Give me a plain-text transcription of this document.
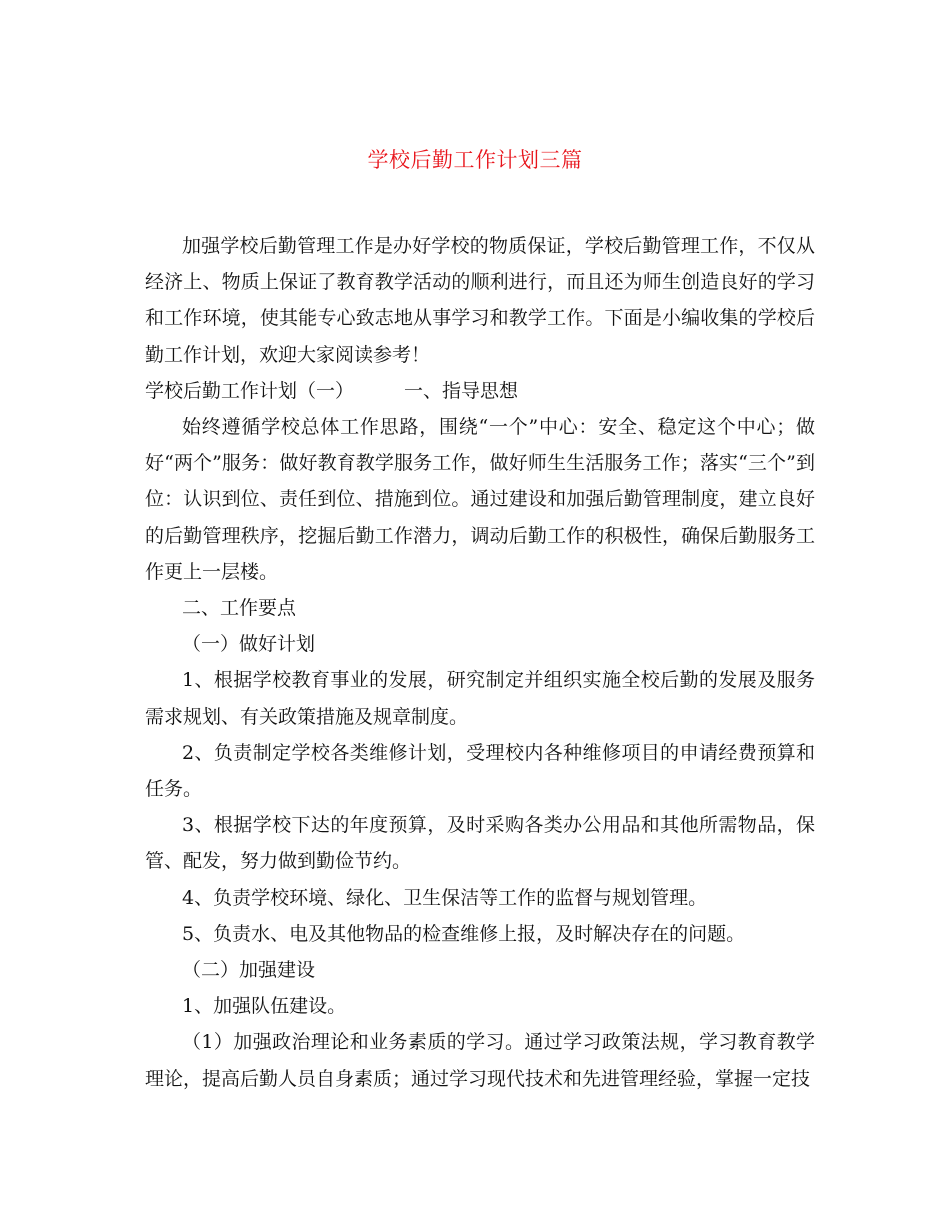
学校后勤工作计划三篇

加强学校后勤管理工作是办好学校的物质保证，学校后勤管理工作，不仅从经济上、物质上保证了教育教学活动的顺利进行，而且还为师生创造良好的学习和工作环境，使其能专心致志地从事学习和教学工作。下面是小编收集的学校后勤工作计划，欢迎大家阅读参考！

学校后勤工作计划（一）	一、指导思想

始终遵循学校总体工作思路，围绕“一个”中心：安全、稳定这个中心；做好“两个”服务：做好教育教学服务工作，做好师生生活服务工作；落实“三个”到位：认识到位、责任到位、措施到位。通过建设和加强后勤管理制度，建立良好的后勤管理秩序，挖掘后勤工作潜力，调动后勤工作的积极性，确保后勤服务工作更上一层楼。

二、工作要点

（一）做好计划

1、根据学校教育事业的发展，研究制定并组织实施全校后勤的发展及服务需求规划、有关政策措施及规章制度。

2、负责制定学校各类维修计划，受理校内各种维修项目的申请经费预算和任务。

3、根据学校下达的年度预算，及时采购各类办公用品和其他所需物品，保管、配发，努力做到勤俭节约。

4、负责学校环境、绿化、卫生保洁等工作的监督与规划管理。

5、负责水、电及其他物品的检查维修上报，及时解决存在的问题。

（二）加强建设

1、加强队伍建设。

（1）加强政治理论和业务素质的学习。通过学习政策法规，学习教育教学理论，提高后勤人员自身素质；通过学习现代技术和先进管理经验，掌握一定技
